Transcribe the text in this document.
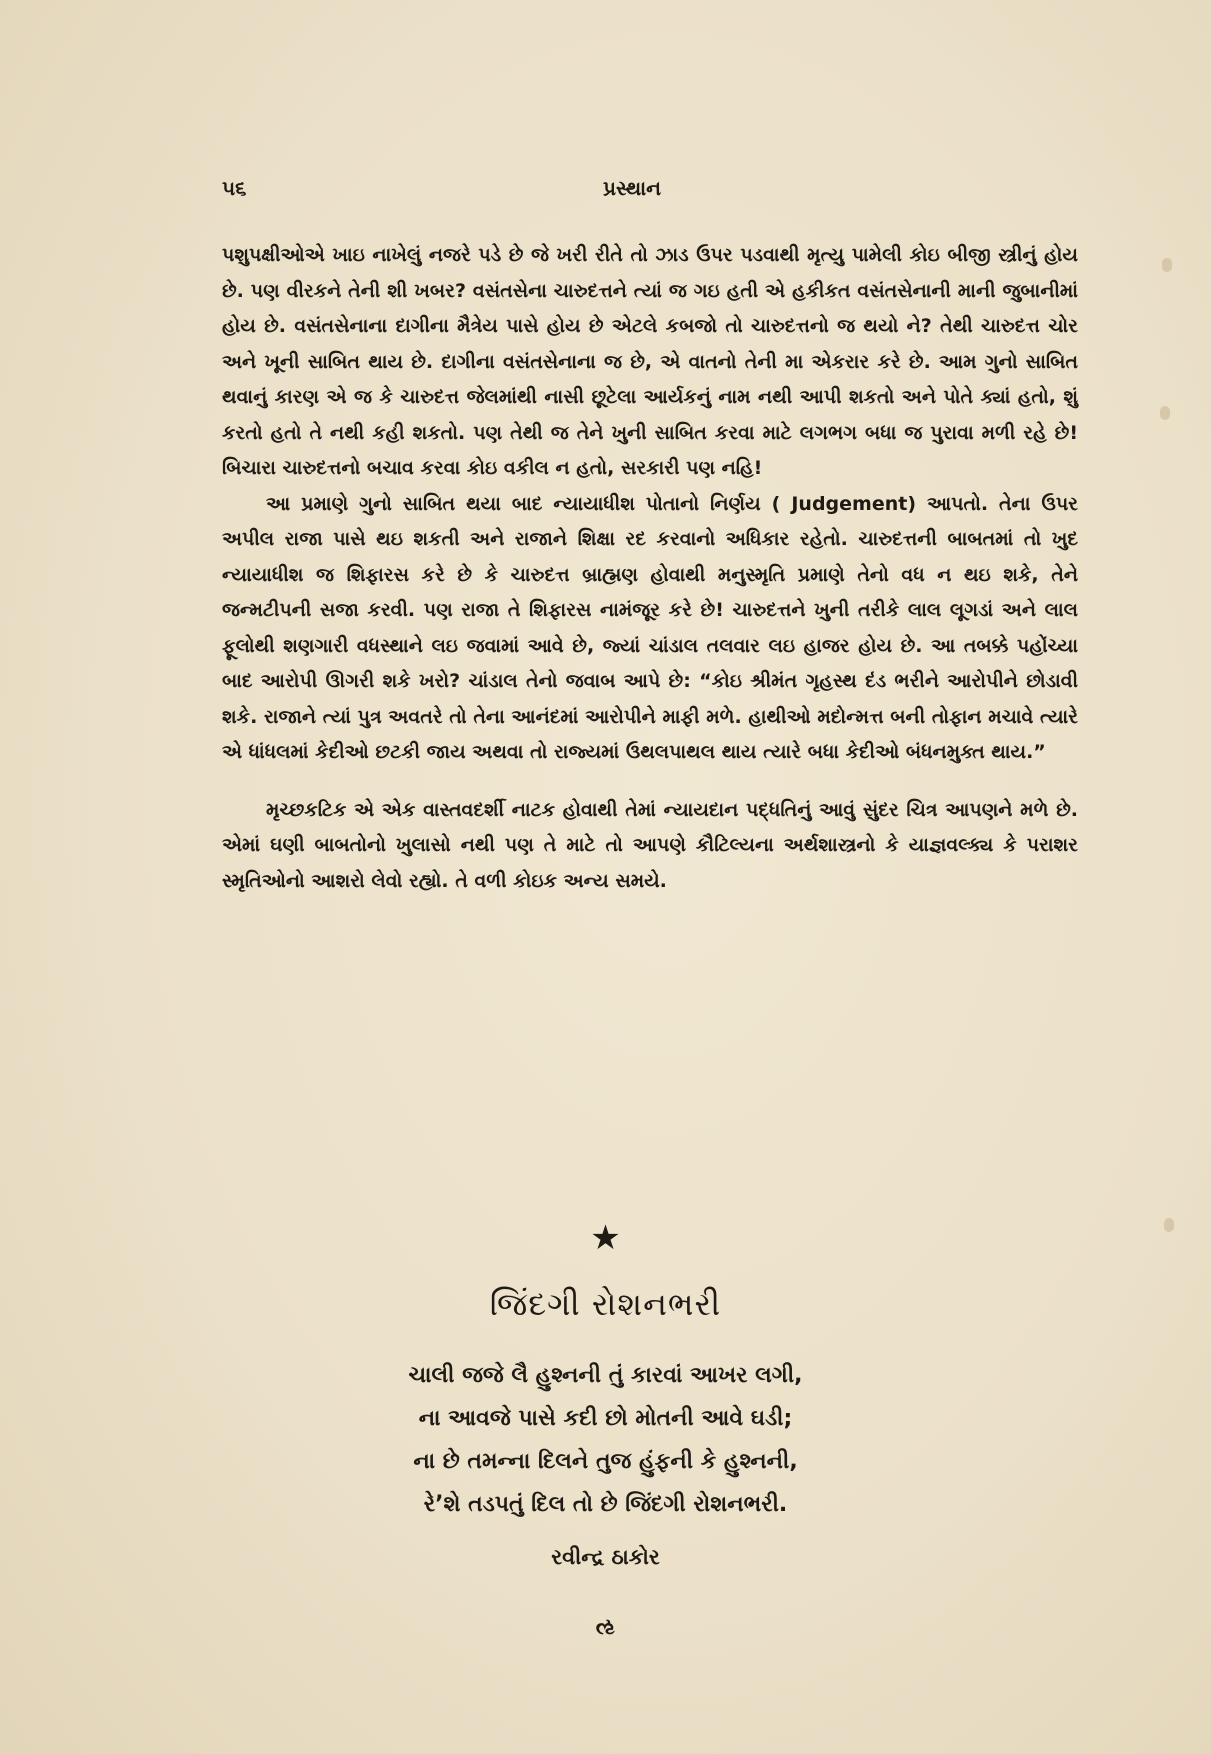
૫૬	પ્રસ્થાન

પશુપક્ષીઓએ ખાઇ નાખેલું નજરે પડે છે જે ખરી રીતે તો ઝાડ ઉપર પડવાથી મૃત્યુ પામેલી કોઇ બીજી સ્ત્રીનું હોય છે. પણ વીરકને તેની શી ખબર? વસંતસેના ચારુદત્તને ત્યાં જ ગઇ હતી એ હકીકત વસંતસેનાની માની જુબાનીમાં હોય છે. વસંતસેનાના દાગીના મૈત્રેય પાસે હોય છે એટલે કબજો તો ચારુદત્તનો જ થયો ને? તેથી ચારુદત્ત ચોર અને ખૂની સાબિત થાય છે. દાગીના વસંતસેનાના જ છે, એ વાતનો તેની મા એકરાર કરે છે. આમ ગુનો સાબિત થવાનું કારણ એ જ કે ચારુદત્ત જેલમાંથી નાસી છૂટેલા આર્યકનું નામ નથી આપી શકતો અને પોતે ક્યાં હતો, શું કરતો હતો તે નથી કહી શકતો. પણ તેથી જ તેને ખુની સાબિત કરવા માટે લગભગ બધા જ પુરાવા મળી રહે છે! બિચારા ચારુદત્તનો બચાવ કરવા કોઇ વકીલ ન હતો, સરકારી પણ નહિ!

આ પ્રમાણે ગુનો સાબિત થયા બાદ ન્યાયાધીશ પોતાનો નિર્ણય ( Judgement) આપતો. તેના ઉપર અપીલ રાજા પાસે થઇ શકતી અને રાજાને શિક્ષા રદ કરવાનો અધિકાર રહેતો. ચારુદત્તની બાબતમાં તો ખુદ ન્યાયાધીશ જ શિફારસ કરે છે કે ચારુદત્ત બ્રાહ્મણ હોવાથી મનુસ્મૃતિ પ્રમાણે તેનો વધ ન થઇ શકે, તેને જન્મટીપની સજા કરવી. પણ રાજા તે શિફારસ નામંજૂર કરે છે! ચારુદત્તને ખુની તરીકે લાલ લૂગડાં અને લાલ ફૂલોથી શણગારી વધસ્થાને લઇ જવામાં આવે છે, જ્યાં ચાંડાલ તલવાર લઇ હાજર હોય છે. આ તબક્કે પહોંચ્યા બાદ આરોપી ઊગરી શકે ખરો? ચાંડાલ તેનો જવાબ આપે છે: “કોઇ શ્રીમંત ગૃહસ્થ દંડ ભરીને આરોપીને છોડાવી શકે. રાજાને ત્યાં પુત્ર અવતરે તો તેના આનંદમાં આરોપીને માફી મળે. હાથીઓ મદોન્મત્ત બની તોફાન મચાવે ત્યારે એ ધાંધલમાં કેદીઓ છટકી જાય અથવા તો રાજ્યમાં ઉથલપાથલ થાય ત્યારે બધા કેદીઓ બંધનમુક્ત થાય.”

મૃચ્છકટિક એ એક વાસ્તવદર્શી નાટક હોવાથી તેમાં ન્યાયદાન પદ્ધતિનું આવું સુંદર ચિત્ર આપણને મળે છે. એમાં ઘણી બાબતોનો ખુલાસો નથી પણ તે માટે તો આપણે કૌટિલ્યના અર્થશાસ્ત્રનો કે યાજ્ઞવલ્ક્ય કે પરાશર સ્મૃતિઓનો આશરો લેવો રહ્યો. તે વળી કોઇક અન્ય સમયે.

★
જિંદગી રોશનભરી
ચાલી જજે લૈ હુશ્નની તું કારવાં આખર લગી,
ના આવજે પાસે કદી છો મોતની આવે ઘડી;
ના છે તમન્ના દિલને તુજ હુંફની કે હુશ્નની,
રે’શે તડપતું દિલ તો છે જિંદગી રોશનભરી.
રવીન્દ્ર ઠાકોર
ઌ
